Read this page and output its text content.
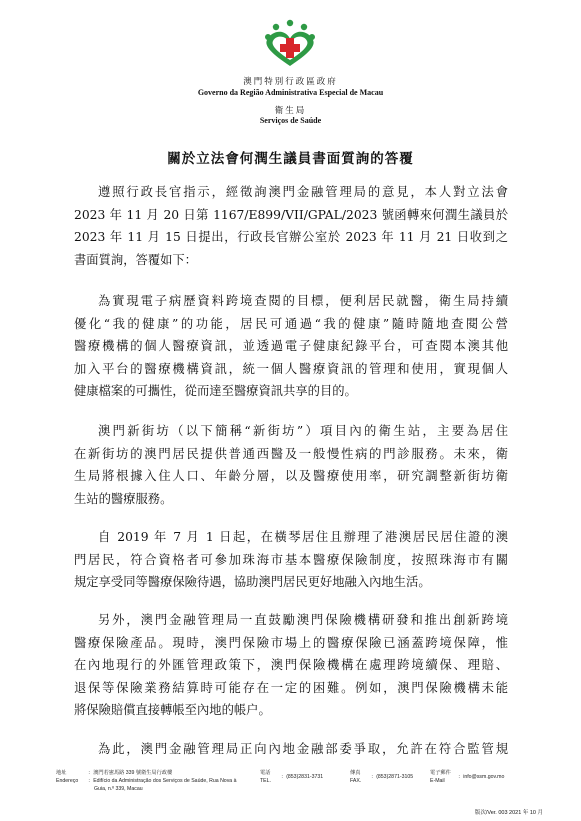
澳門特別行政區政府
Governo da Região Administrativa Especial de Macau
衛生局
Serviços de Saúde
關於立法會何潤生議員書面質詢的答覆
遵照行政長官指示，經徵詢澳門金融管理局的意見，本人對立法會
2023 年 11 月 20 日第 1167/E899/VII/GPAL/2023 號函轉來何潤生議員於
2023 年 11 月 15 日提出，行政長官辦公室於 2023 年 11 月 21 日收到之
書面質詢，答覆如下：
為實現電子病歷資料跨境查閱的目標，便利居民就醫，衛生局持續
優化“我的健康”的功能，居民可通過“我的健康”隨時隨地查閱公營
醫療機構的個人醫療資訊，並透過電子健康紀錄平台，可查閱本澳其他
加入平台的醫療機構資訊，統一個人醫療資訊的管理和使用，實現個人
健康檔案的可攜性，從而達至醫療資訊共享的目的。
澳門新街坊（以下簡稱“新街坊”）項目內的衛生站，主要為居住
在新街坊的澳門居民提供普通西醫及一般慢性病的門診服務。未來，衛
生局將根據入住人口、年齡分層，以及醫療使用率，研究調整新街坊衛
生站的醫療服務。
自 2019 年 7 月 1 日起，在橫琴居住且辦理了港澳居民居住證的澳
門居民，符合資格者可參加珠海市基本醫療保險制度，按照珠海市有關
規定享受同等醫療保險待遇，協助澳門居民更好地融入內地生活。
另外，澳門金融管理局一直鼓勵澳門保險機構研發和推出創新跨境
醫療保險產品。現時，澳門保險市場上的醫療保險已涵蓋跨境保障，惟
在內地現行的外匯管理政策下，澳門保險機構在處理跨境續保、理賠、
退保等保險業務結算時可能存在一定的困難。例如，澳門保險機構未能
將保險賠償直接轉帳至內地的帳户。
為此，澳門金融管理局正向內地金融部委爭取，允許在符合監管規
地址
Endereço
：澳門若憲馬路 339 號衛生局行政樓
：Edifício da Administração dos Serviços de Saúde, Rua Nova à
Guia, n.º 339, Macau
電話
TEL.
：(853)2831-3731
傳真
FAX.
：(853)2871-3105
電子郵件
E-Mail
：info@ssm.gov.mo
版次/Ver. 003 2021 年 10 月
